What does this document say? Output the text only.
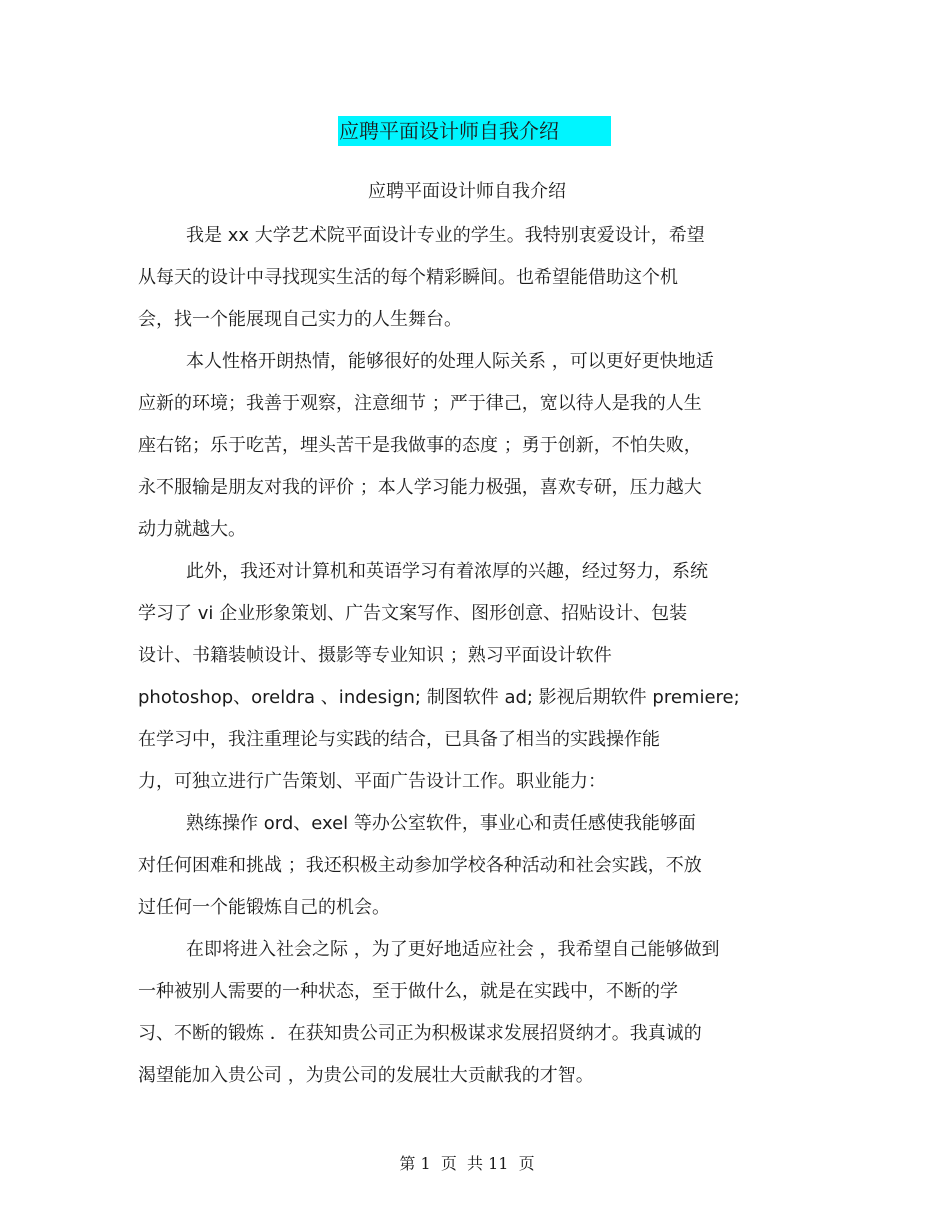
应聘平面设计师自我介绍
应聘平面设计师自我介绍
我是 xx 大学艺术院平面设计专业的学生。我特别衷爱设计，希望
从每天的设计中寻找现实生活的每个精彩瞬间。也希望能借助这个机
会，找一个能展现自己实力的人生舞台。
本人性格开朗热情，能够很好的处理人际关系 ，可以更好更快地适
应新的环境；我善于观察，注意细节 ；严于律己，宽以待人是我的人生
座右铭；乐于吃苦，埋头苦干是我做事的态度 ；勇于创新，不怕失败，
永不服输是朋友对我的评价 ；本人学习能力极强，喜欢专研，压力越大
动力就越大。
此外，我还对计算机和英语学习有着浓厚的兴趣，经过努力，系统
学习了 vi 企业形象策划、广告文案写作、图形创意、招贴设计、包装
设计、书籍装帧设计、摄影等专业知识 ；熟习平面设计软件
photoshop、oreldra 、indesign; 制图软件 ad; 影视后期软件 premiere;
在学习中，我注重理论与实践的结合，已具备了相当的实践操作能
力，可独立进行广告策划、平面广告设计工作。职业能力：
熟练操作 ord、exel 等办公室软件，事业心和责任感使我能够面
对任何困难和挑战 ；我还积极主动参加学校各种活动和社会实践，不放
过任何一个能锻炼自己的机会。
在即将进入社会之际 ，为了更好地适应社会 ，我希望自己能够做到
一种被别人需要的一种状态，至于做什么，就是在实践中，不断的学
习、不断的锻炼 ．在获知贵公司正为积极谋求发展招贤纳才。我真诚的
渴望能加入贵公司 ，为贵公司的发展壮大贡献我的才智。
第 1  页  共 11  页
